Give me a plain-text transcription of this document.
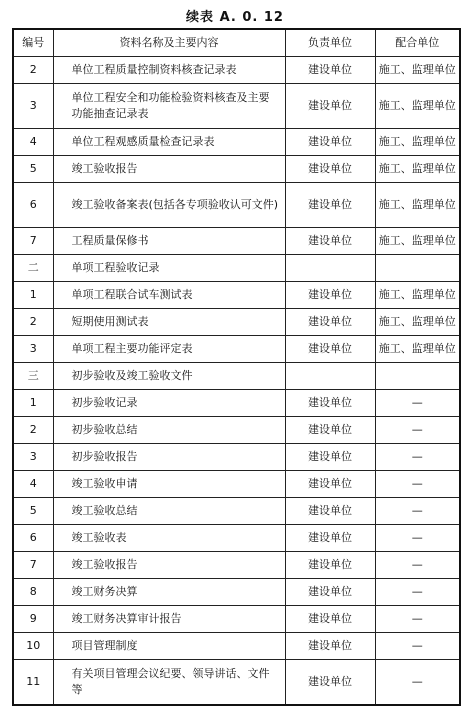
续表 A. 0. 12
编号	资料名称及主要内容	负责单位	配合单位
2	单位工程质量控制资料核查记录表	建设单位	施工、监理单位
3	单位工程安全和功能检验资料核查及主要功能抽查记录表	建设单位	施工、监理单位
4	单位工程观感质量检查记录表	建设单位	施工、监理单位
5	竣工验收报告	建设单位	施工、监理单位
6	竣工验收备案表(包括各专项验收认可文件)	建设单位	施工、监理单位
7	工程质量保修书	建设单位	施工、监理单位
二	单项工程验收记录		
1	单项工程联合试车测试表	建设单位	施工、监理单位
2	短期使用测试表	建设单位	施工、监理单位
3	单项工程主要功能评定表	建设单位	施工、监理单位
三	初步验收及竣工验收文件		
1	初步验收记录	建设单位	—
2	初步验收总结	建设单位	—
3	初步验收报告	建设单位	—
4	竣工验收申请	建设单位	—
5	竣工验收总结	建设单位	—
6	竣工验收表	建设单位	—
7	竣工验收报告	建设单位	—
8	竣工财务决算	建设单位	—
9	竣工财务决算审计报告	建设单位	—
10	项目管理制度	建设单位	—
11	有关项目管理会议纪要、领导讲话、文件等	建设单位	—
